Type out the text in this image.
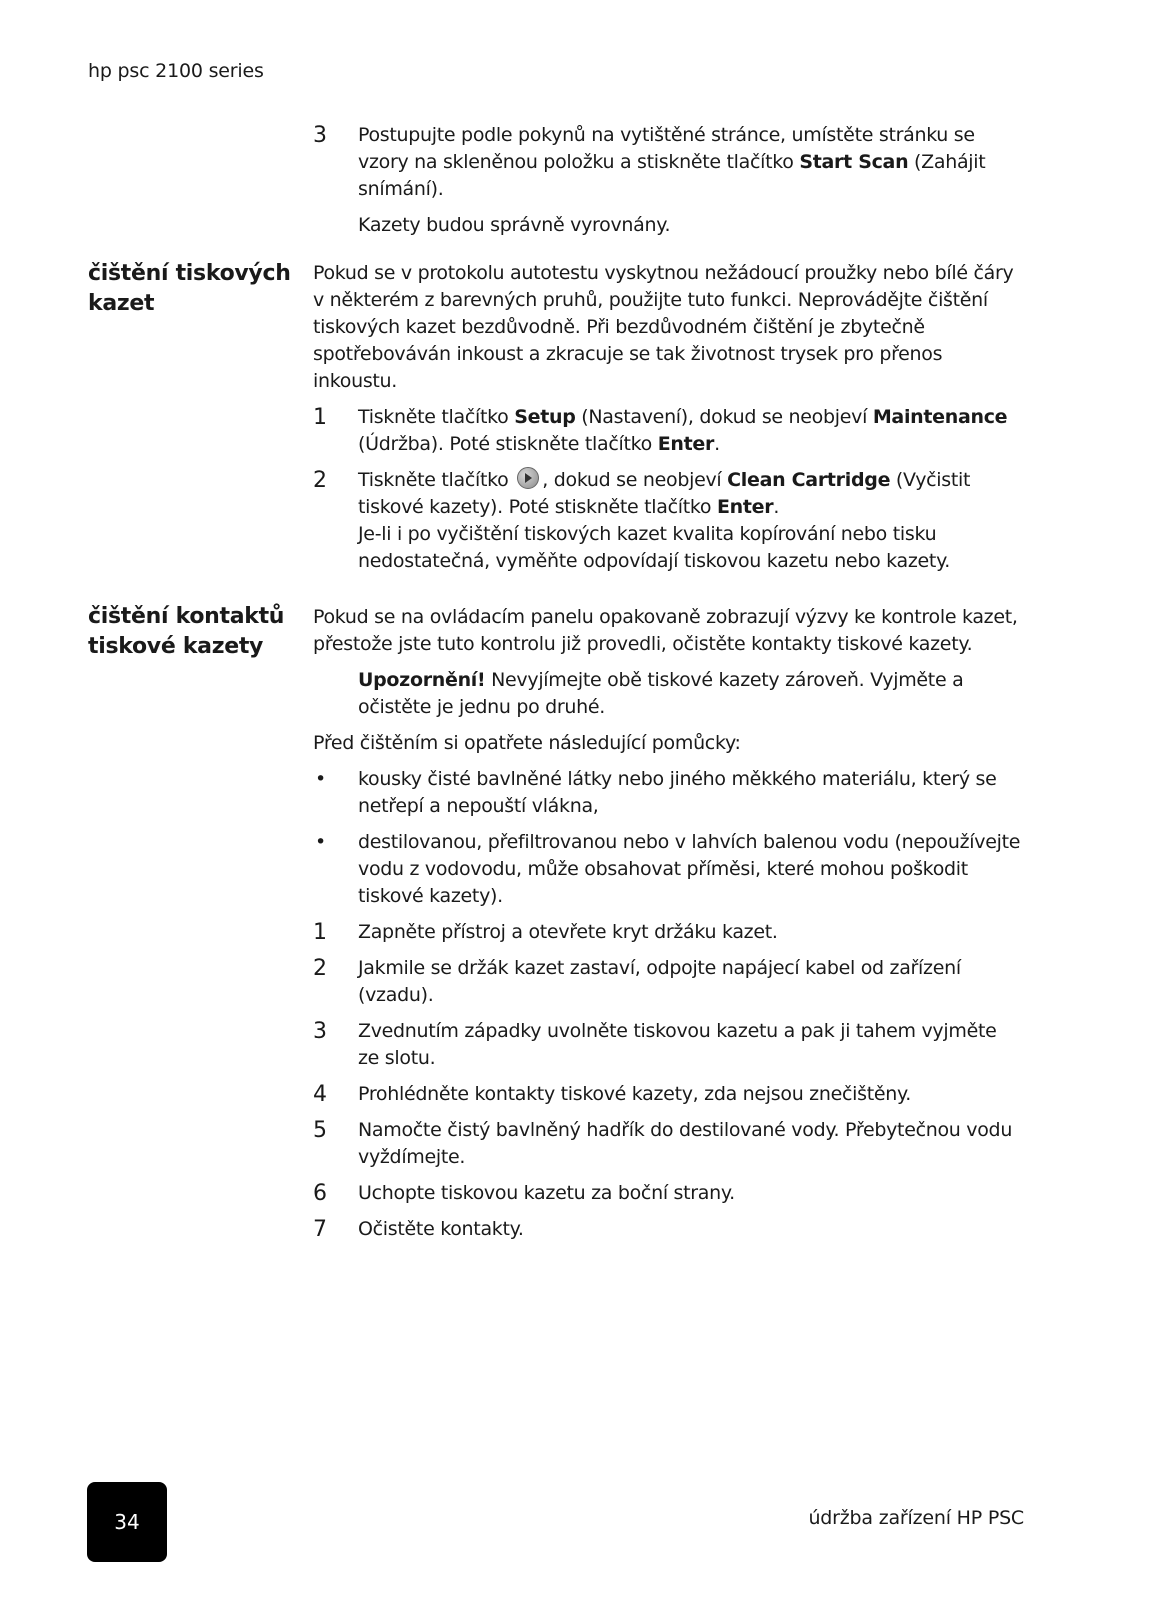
hp psc 2100 series
3 Postupujte podle pokynů na vytištěné stránce, umístěte stránku se vzory na skleněnou položku a stiskněte tlačítko Start Scan (Zahájit snímání).
Kazety budou správně vyrovnány.
čištění tiskových kazet
Pokud se v protokolu autotestu vyskytnou nežádoucí proužky nebo bílé čáry v některém z barevných pruhů, použijte tuto funkci. Neprovádějte čištění tiskových kazet bezdůvodně. Při bezdůvodném čištění je zbytečně spotřebováván inkoust a zkracuje se tak životnost trysek pro přenos inkoustu.
1 Tiskněte tlačítko Setup (Nastavení), dokud se neobjeví Maintenance (Údržba). Poté stiskněte tlačítko Enter.
2 Tiskněte tlačítko , dokud se neobjeví Clean Cartridge (Vyčistit tiskové kazety). Poté stiskněte tlačítko Enter.
Je-li i po vyčištění tiskových kazet kvalita kopírování nebo tisku nedostatečná, vyměňte odpovídají tiskovou kazetu nebo kazety.
čištění kontaktů tiskové kazety
Pokud se na ovládacím panelu opakovaně zobrazují výzvy ke kontrole kazet, přestože jste tuto kontrolu již provedli, očistěte kontakty tiskové kazety.
Upozornění! Nevyjímejte obě tiskové kazety zároveň. Vyjměte a očistěte je jednu po druhé.
Před čištěním si opatřete následující pomůcky:
• kousky čisté bavlněné látky nebo jiného měkkého materiálu, který se netřepí a nepouští vlákna,
• destilovanou, přefiltrovanou nebo v lahvích balenou vodu (nepoužívejte vodu z vodovodu, může obsahovat příměsi, které mohou poškodit tiskové kazety).
1 Zapněte přístroj a otevřete kryt držáku kazet.
2 Jakmile se držák kazet zastaví, odpojte napájecí kabel od zařízení (vzadu).
3 Zvednutím západky uvolněte tiskovou kazetu a pak ji tahem vyjměte ze slotu.
4 Prohlédněte kontakty tiskové kazety, zda nejsou znečištěny.
5 Namočte čistý bavlněný hadřík do destilované vody. Přebytečnou vodu vyždímejte.
6 Uchopte tiskovou kazetu za boční strany.
7 Očistěte kontakty.
34	údržba zařízení HP PSC
